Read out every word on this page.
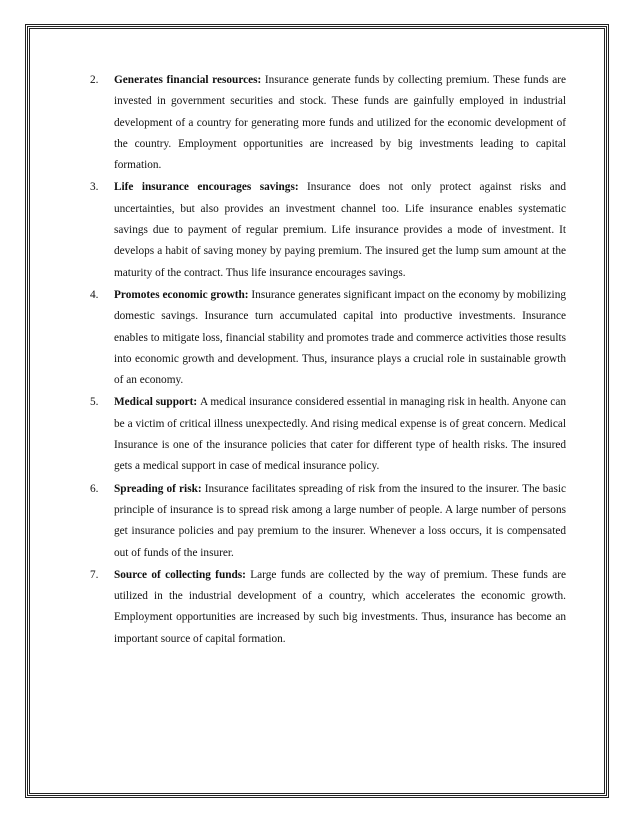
2.	Generates financial resources: Insurance generate funds by collecting premium. These funds are invested in government securities and stock. These funds are gainfully employed in industrial development of a country for generating more funds and utilized for the economic development of the country. Employment opportunities are increased by big investments leading to capital formation.
3.	Life insurance encourages savings: Insurance does not only protect against risks and uncertainties, but also provides an investment channel too. Life insurance enables systematic savings due to payment of regular premium. Life insurance provides a mode of investment. It develops a habit of saving money by paying premium. The insured get the lump sum amount at the maturity of the contract. Thus life insurance encourages savings.
4.	Promotes economic growth: Insurance generates significant impact on the economy by mobilizing domestic savings. Insurance turn accumulated capital into productive investments. Insurance enables to mitigate loss, financial stability and promotes trade and commerce activities those results into economic growth and development. Thus, insurance plays a crucial role in sustainable growth of an economy.
5.	Medical support: A medical insurance considered essential in managing risk in health. Anyone can be a victim of critical illness unexpectedly. And rising medical expense is of great concern. Medical Insurance is one of the insurance policies that cater for different type of health risks. The insured gets a medical support in case of medical insurance policy.
6.	Spreading of risk: Insurance facilitates spreading of risk from the insured to the insurer. The basic principle of insurance is to spread risk among a large number of people. A large number of persons get insurance policies and pay premium to the insurer. Whenever a loss occurs, it is compensated out of funds of the insurer.
7.	Source of collecting funds: Large funds are collected by the way of premium. These funds are utilized in the industrial development of a country, which accelerates the economic growth. Employment opportunities are increased by such big investments. Thus, insurance has become an important source of capital formation.
